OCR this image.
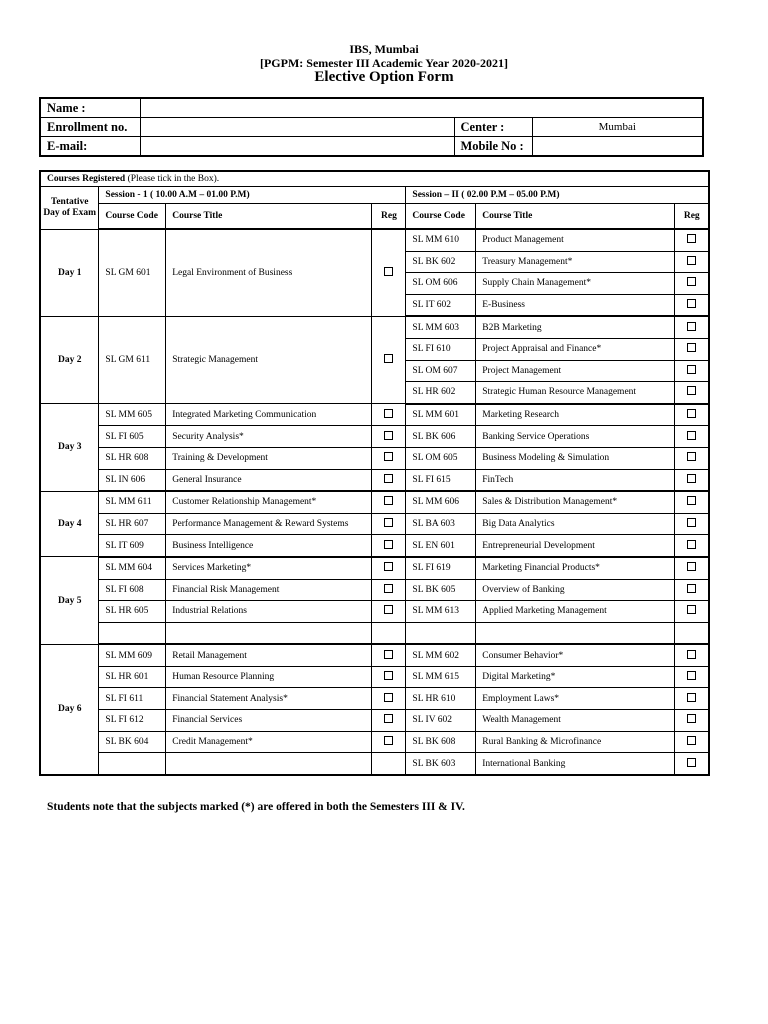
IBS, Mumbai
[PGPM: Semester III Academic Year 2020-2021]
Elective Option Form
Name :			
Enrollment no.		Center :	Mumbai
E-mail:		Mobile No :	
Courses Registered (Please tick in the Box).						
Tentative Day of Exam	Session - 1 ( 10.00 A.M – 01.00 P.M)			Session – II ( 02.00 P.M – 05.00 P.M)		
	Course Code	Course Title	Reg	Course Code	Course Title	Reg
Day 1	SL GM 601	Legal Environment of Business		SL MM 610	Product Management	
				SL BK 602	Treasury Management*	
				SL OM 606	Supply Chain Management*	
				SL IT 602	E-Business	
Day 2	SL GM 611	Strategic Management		SL MM 603	B2B Marketing	
				SL FI 610	Project Appraisal and Finance*	
				SL OM 607	Project Management	
				SL HR 602	Strategic Human Resource Management	
Day 3	SL MM 605	Integrated Marketing Communication		SL MM 601	Marketing Research	
	SL FI 605	Security Analysis*		SL BK 606	Banking Service Operations	
	SL HR 608	Training & Development		SL OM 605	Business Modeling & Simulation	
	SL IN 606	General Insurance		SL FI 615	FinTech	
Day 4	SL MM 611	Customer Relationship Management*		SL MM 606	Sales & Distribution Management*	
	SL HR 607	Performance Management & Reward Systems		SL BA 603	Big Data Analytics	
	SL IT 609	Business Intelligence		SL EN 601	Entrepreneurial Development	
Day 5	SL MM 604	Services Marketing*		SL FI 619	Marketing Financial Products*	
	SL FI 608	Financial Risk Management		SL BK 605	Overview of Banking	
	SL HR 605	Industrial Relations		SL MM 613	Applied Marketing Management	

Day 6	SL MM 609	Retail Management		SL MM 602	Consumer Behavior*	
	SL HR 601	Human Resource Planning		SL MM 615	Digital Marketing*	
	SL FI 611	Financial Statement Analysis*		SL HR 610	Employment Laws*	
	SL FI 612	Financial Services		SL IV 602	Wealth Management	
	SL BK 604	Credit Management*		SL BK 608	Rural Banking & Microfinance	
				SL BK 603	International Banking	
Students note that the subjects marked (*) are offered in both the Semesters III & IV.
